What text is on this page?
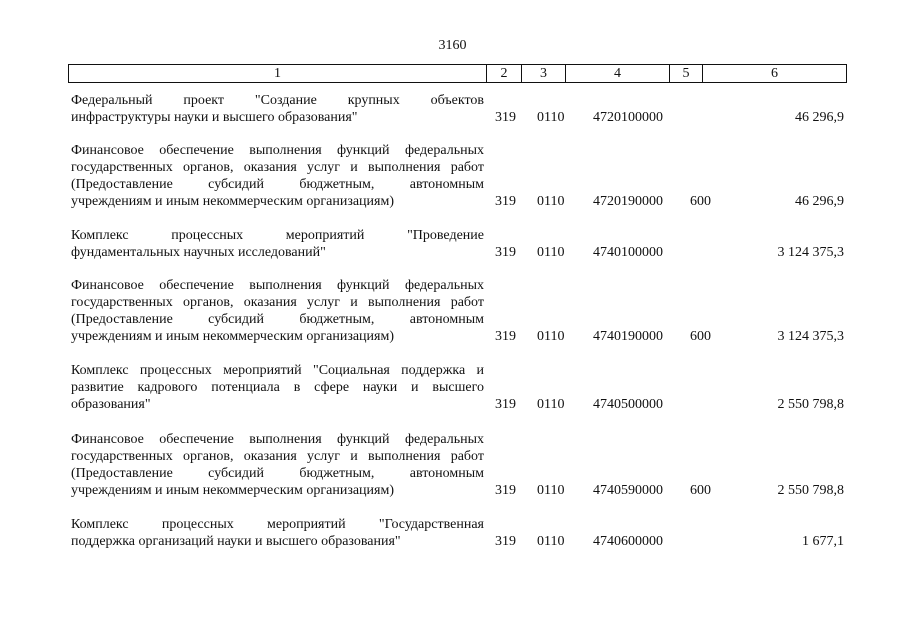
3160
1	2	3	4	5	6
Федеральный проект "Создание крупных объектов
инфраструктуры науки и высшего образования"	319 0110 4720100000	46 296,9
Финансовое обеспечение выполнения функций федеральных
государственных органов, оказания услуг и выполнения работ
(Предоставление субсидий бюджетным, автономным
учреждениям и иным некоммерческим организациям)	319 0110 4720190000 600	46 296,9
Комплекс процессных мероприятий "Проведение
фундаментальных научных исследований"	319 0110 4740100000	3 124 375,3
Финансовое обеспечение выполнения функций федеральных
государственных органов, оказания услуг и выполнения работ
(Предоставление субсидий бюджетным, автономным
учреждениям и иным некоммерческим организациям)	319 0110 4740190000 600	3 124 375,3
Комплекс процессных мероприятий "Социальная поддержка и
развитие кадрового потенциала в сфере науки и высшего
образования"	319 0110 4740500000	2 550 798,8
Финансовое обеспечение выполнения функций федеральных
государственных органов, оказания услуг и выполнения работ
(Предоставление субсидий бюджетным, автономным
учреждениям и иным некоммерческим организациям)	319 0110 4740590000 600	2 550 798,8
Комплекс процессных мероприятий "Государственная
поддержка организаций науки и высшего образования"	319 0110 4740600000	1 677,1
